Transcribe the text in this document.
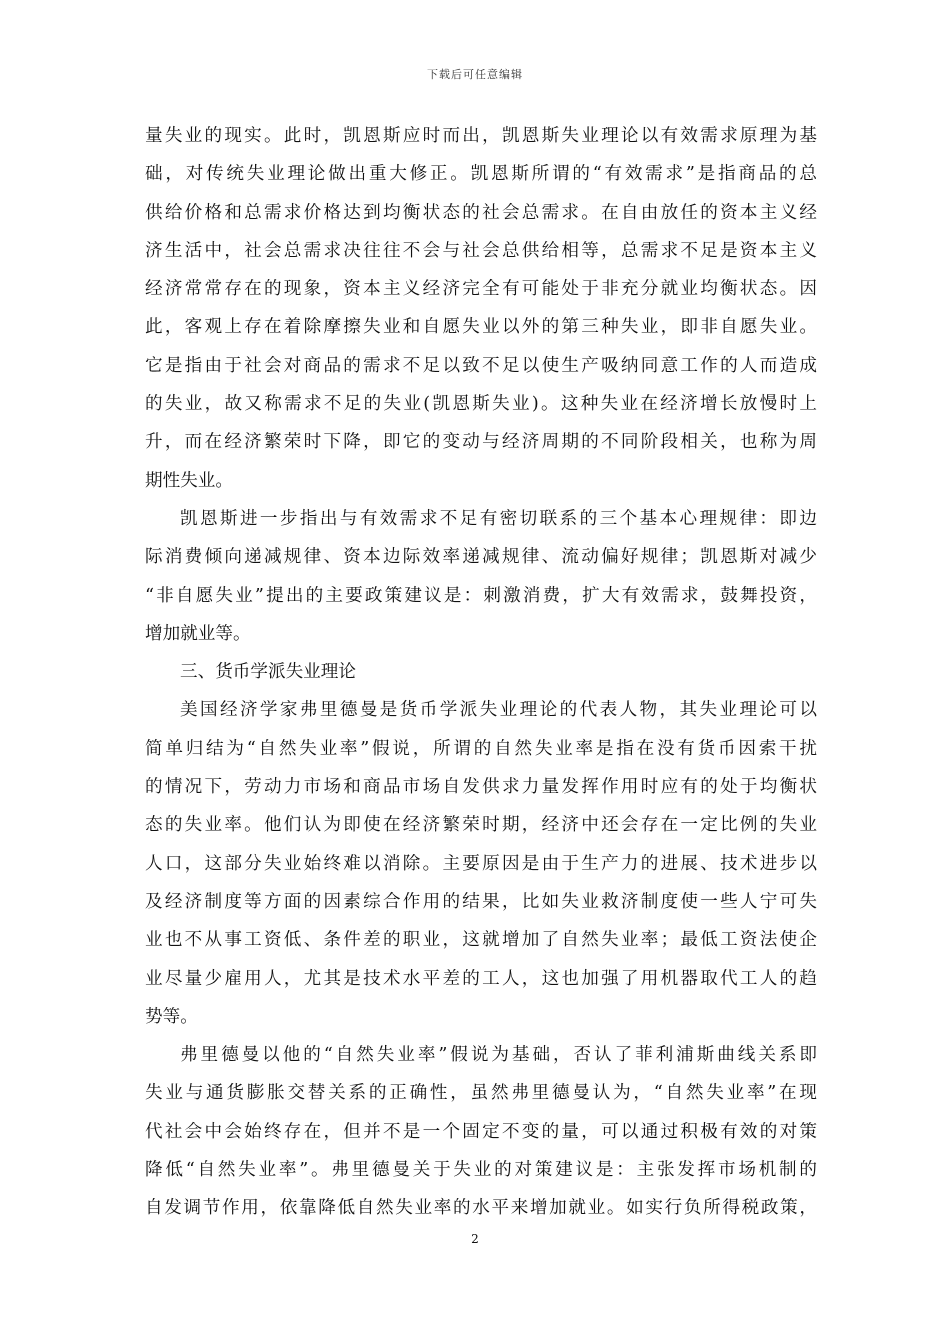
下载后可任意编辑
量失业的现实。此时，凯恩斯应时而出，凯恩斯失业理论以有效需求原理为基
础，对传统失业理论做出重大修正。凯恩斯所谓的“有效需求”是指商品的总
供给价格和总需求价格达到均衡状态的社会总需求。在自由放任的资本主义经
济生活中，社会总需求决往往不会与社会总供给相等，总需求不足是资本主义
经济常常存在的现象，资本主义经济完全有可能处于非充分就业均衡状态。因
此，客观上存在着除摩擦失业和自愿失业以外的第三种失业，即非自愿失业。
它是指由于社会对商品的需求不足以致不足以使生产吸纳同意工作的人而造成
的失业，故又称需求不足的失业(凯恩斯失业)。这种失业在经济增长放慢时上
升，而在经济繁荣时下降，即它的变动与经济周期的不同阶段相关，也称为周
期性失业。
凯恩斯进一步指出与有效需求不足有密切联系的三个基本心理规律：即边
际消费倾向递减规律、资本边际效率递减规律、流动偏好规律；凯恩斯对减少
“非自愿失业”提出的主要政策建议是：刺激消费，扩大有效需求，鼓舞投资，
增加就业等。
三、货币学派失业理论
美国经济学家弗里德曼是货币学派失业理论的代表人物，其失业理论可以
简单归结为“自然失业率”假说，所谓的自然失业率是指在没有货币因索干扰
的情况下，劳动力市场和商品市场自发供求力量发挥作用时应有的处于均衡状
态的失业率。他们认为即使在经济繁荣时期，经济中还会存在一定比例的失业
人口，这部分失业始终难以消除。主要原因是由于生产力的进展、技术进步以
及经济制度等方面的因素综合作用的结果，比如失业救济制度使一些人宁可失
业也不从事工资低、条件差的职业，这就增加了自然失业率；最低工资法使企
业尽量少雇用人，尤其是技术水平差的工人，这也加强了用机器取代工人的趋
势等。
弗里德曼以他的“自然失业率”假说为基础，否认了菲利浦斯曲线关系即
失业与通货膨胀交替关系的正确性，虽然弗里德曼认为，“自然失业率”在现
代社会中会始终存在，但并不是一个固定不变的量，可以通过积极有效的对策
降低“自然失业率”。弗里德曼关于失业的对策建议是：主张发挥市场机制的
自发调节作用，依靠降低自然失业率的水平来增加就业。如实行负所得税政策，
2
